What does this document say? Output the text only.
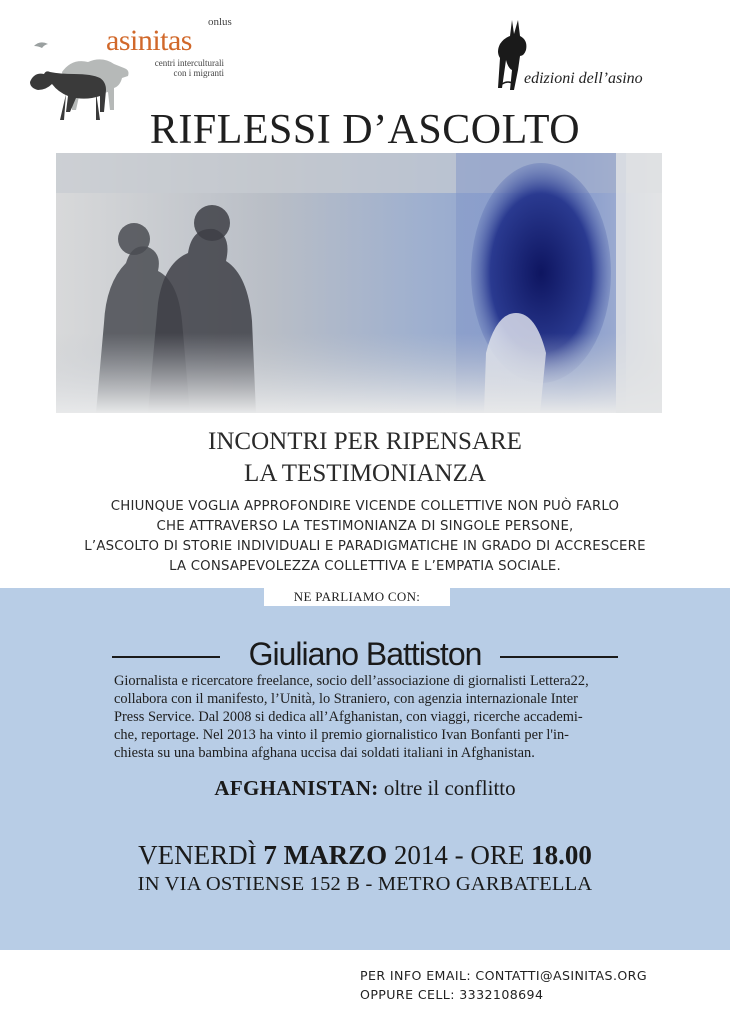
onlus
asinitas
centri interculturali
con i migranti	edizioni dell’asino
RIFLESSI D’ASCOLTO
INCONTRI PER RIPENSARE
LA TESTIMONIANZA
CHIUNQUE VOGLIA APPROFONDIRE VICENDE COLLETTIVE NON PUÒ FARLO
CHE ATTRAVERSO LA TESTIMONIANZA DI SINGOLE PERSONE,
L’ASCOLTO DI STORIE INDIVIDUALI E PARADIGMATICHE IN GRADO DI ACCRESCERE
LA CONSAPEVOLEZZA COLLETTIVA E L’EMPATIA SOCIALE.
NE PARLIAMO CON:
Giuliano Battiston
Giornalista e ricercatore freelance, socio dell’associazione di giornalisti Lettera22,
collabora con il manifesto, l’Unità, lo Straniero, con agenzia internazionale Inter
Press Service. Dal 2008 si dedica all’Afghanistan, con viaggi, ricerche accademi-
che, reportage. Nel 2013 ha vinto il premio giornalistico Ivan Bonfanti per l'in-
chiesta su una bambina afghana uccisa dai soldati italiani in Afghanistan.
AFGHANISTAN: oltre il conflitto
VENERDÌ 7 MARZO 2014 - ORE 18.00
IN VIA OSTIENSE 152 B - METRO GARBATELLA
PER INFO EMAIL: CONTATTI@ASINITAS.ORG
OPPURE CELL: 3332108694
